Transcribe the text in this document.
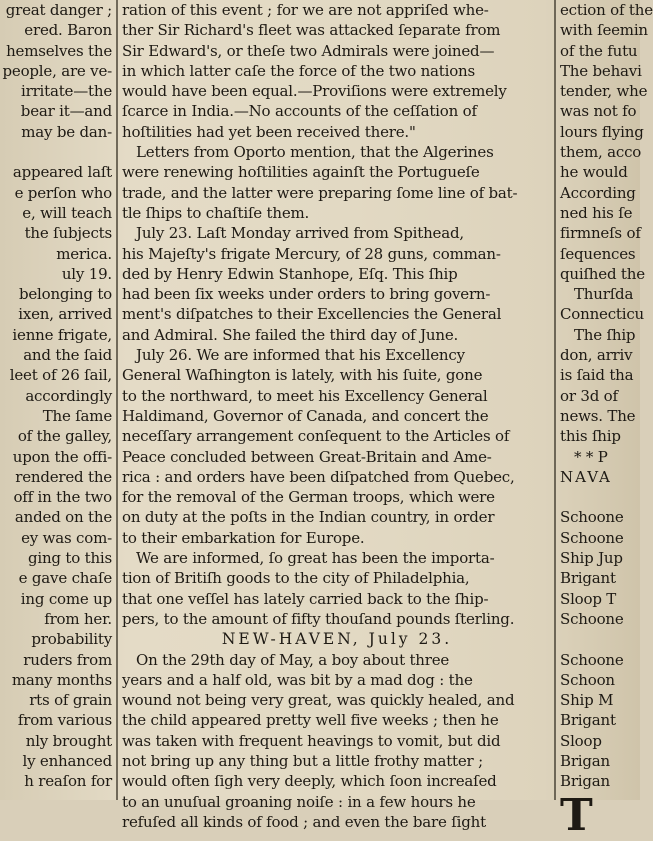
great danger ;
ered. Baron
hemselves the
people, are ve-
irritate—the
bear it—and
may be dan-
appeared laſt
e perſon who
e, will teach
the ſubjects
merica.
uly 19.
belonging to
ixen, arrived
ienne frigate,
and the ſaid
leet of 26 ſail,
accordingly
The ſame
of the galley,
upon the offi-
rendered the
off in the two
anded on the
ey was com-
ging to this
e gave chaſe
ing come up
from her.
probability
ruders from
many months
rts of grain
from various
nly brought
ly enhanced
h reaſon for
ration of this event ; for we are not appriſed whe-
ther Sir Richard's fleet was attacked ſeparate from
Sir Edward's, or theſe two Admirals were joined—
in which latter caſe the force of the two nations
would have been equal.—Proviſions were extremely
ſcarce in India.—No accounts of the ceſſation of
hoſtilities had yet been received there."
Letters from Oporto mention, that the Algerines
were renewing hoſtilities againſt the Portugueſe
trade, and the latter were preparing ſome line of bat-
tle ſhips to chaſtiſe them.
July 23. Laſt Monday arrived from Spithead,
his Majeſty's frigate Mercury, of 28 guns, comman-
ded by Henry Edwin Stanhope, Eſq. This ſhip
had been ſix weeks under orders to bring govern-
ment's diſpatches to their Excellencies the General
and Admiral. She failed the third day of June.
July 26. We are informed that his Excellency
General Waſhington is lately, with his ſuite, gone
to the northward, to meet his Excellency General
Haldimand, Governor of Canada, and concert the
neceſſary arrangement conſequent to the Articles of
Peace concluded between Great-Britain and Ame-
rica : and orders have been diſpatched from Quebec,
for the removal of the German troops, which were
on duty at the poſts in the Indian country, in order
to their embarkation for Europe.
We are informed, ſo great has been the importa-
tion of Britiſh goods to the city of Philadelphia,
that one veſſel has lately carried back to the ſhip-
pers, to the amount of fifty thouſand pounds ſterling.
NEW-HAVEN, July 23.
On the 29th day of May, a boy about three
years and a half old, was bit by a mad dog : the
wound not being very great, was quickly healed, and
the child appeared pretty well five weeks ; then he
was taken with frequent heavings to vomit, but did
not bring up any thing but a little frothy matter ;
would often ſigh very deeply, which ſoon increaſed
to an unuſual groaning noiſe : in a few hours he
refuſed all kinds of food ; and even the bare ſight
ection of the
with ſeemin
of the futu
The behavi
tender, whe
was not fo
lours flying
them, acco
he would
According
ned his ſe
firmneſs of
ſequences
quiſhed the
Thurſda
Connecticu
The ſhip
don, arriv
is ſaid tha
or 3d of
news. The
this ſhip
* * P
NAVA
Schoone
Schoone
Ship Jup
Brigant
Sloop T
Schoone
Schoone
Schoon
Ship M
Brigant
Sloop
Brigan
Brigan
T
